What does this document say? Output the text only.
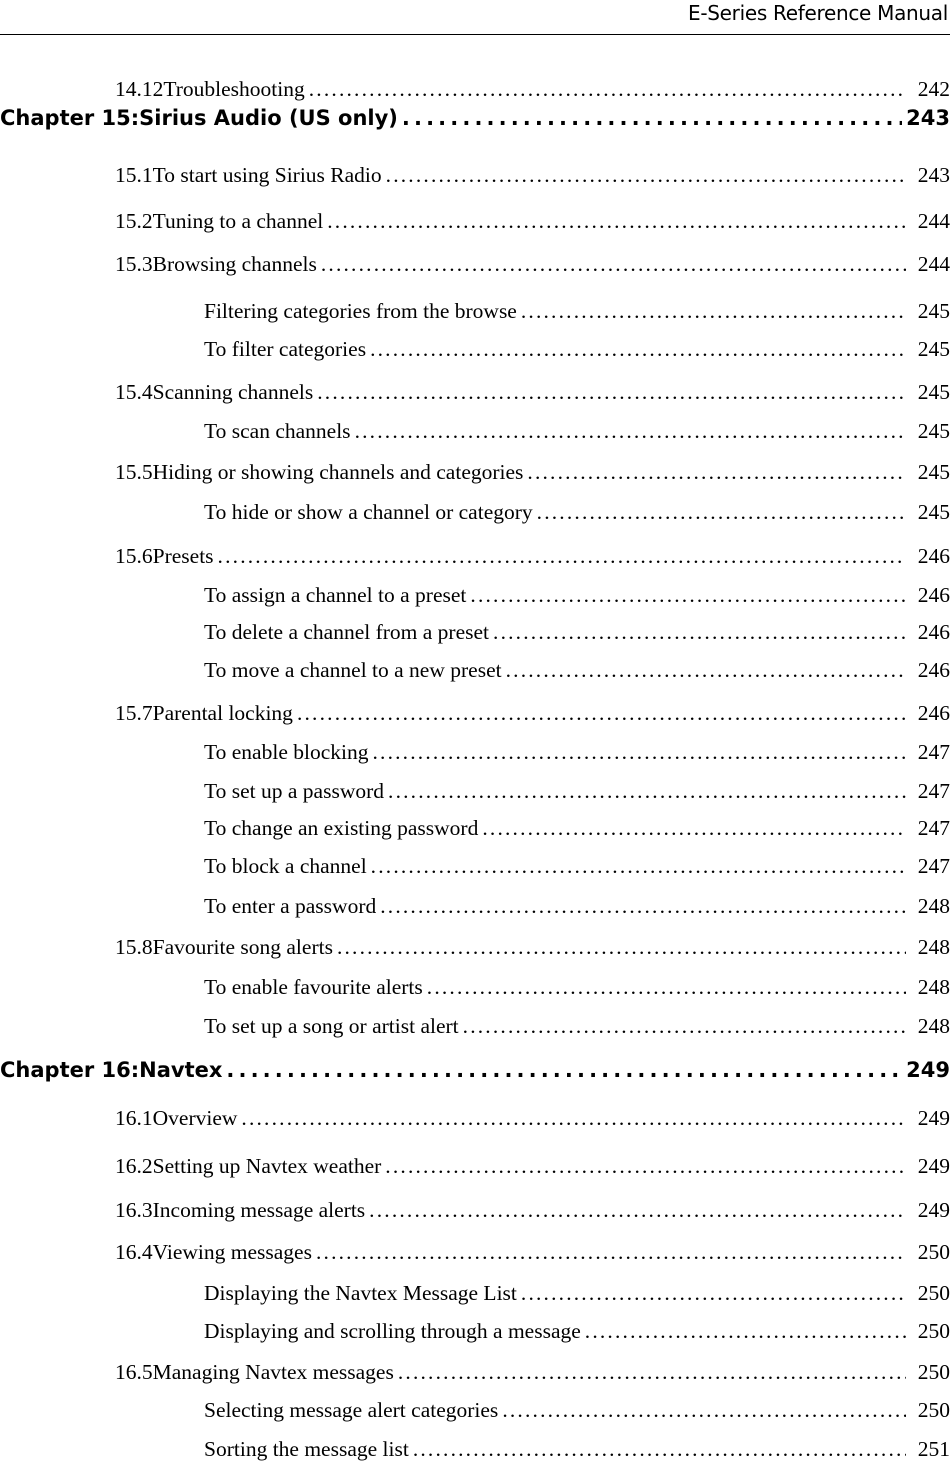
E-Series Reference Manual
14.12 Troubleshooting . . .	242
Chapter 15: Sirius Audio (US only) . . .	243
15.1 To start using Sirius Radio . . .	243
15.2 Tuning to a channel . . .	244
15.3 Browsing channels . . .	244
Filtering categories from the browse . . .	245
To filter categories . . .	245
15.4 Scanning channels . . .	245
To scan channels . . .	245
15.5 Hiding or showing channels and categories . . .	245
To hide or show a channel or category . . .	245
15.6 Presets . . .	246
To assign a channel to a preset . . .	246
To delete a channel from a preset . . .	246
To move a channel to a new preset . . .	246
15.7 Parental locking . . .	246
To enable blocking . . .	247
To set up a password . . .	247
To change an existing password . . .	247
To block a channel . . .	247
To enter a password . . .	248
15.8 Favourite song alerts . . .	248
To enable favourite alerts . . .	248
To set up a song or artist alert . . .	248
Chapter 16: Navtex . . .	249
16.1 Overview . . .	249
16.2 Setting up Navtex weather . . .	249
16.3 Incoming message alerts . . .	249
16.4 Viewing messages . . .	250
Displaying the Navtex Message List . . .	250
Displaying and scrolling through a message . . .	250
16.5 Managing Navtex messages . . .	250
Selecting message alert categories . . .	250
Sorting the message list . . .	251
